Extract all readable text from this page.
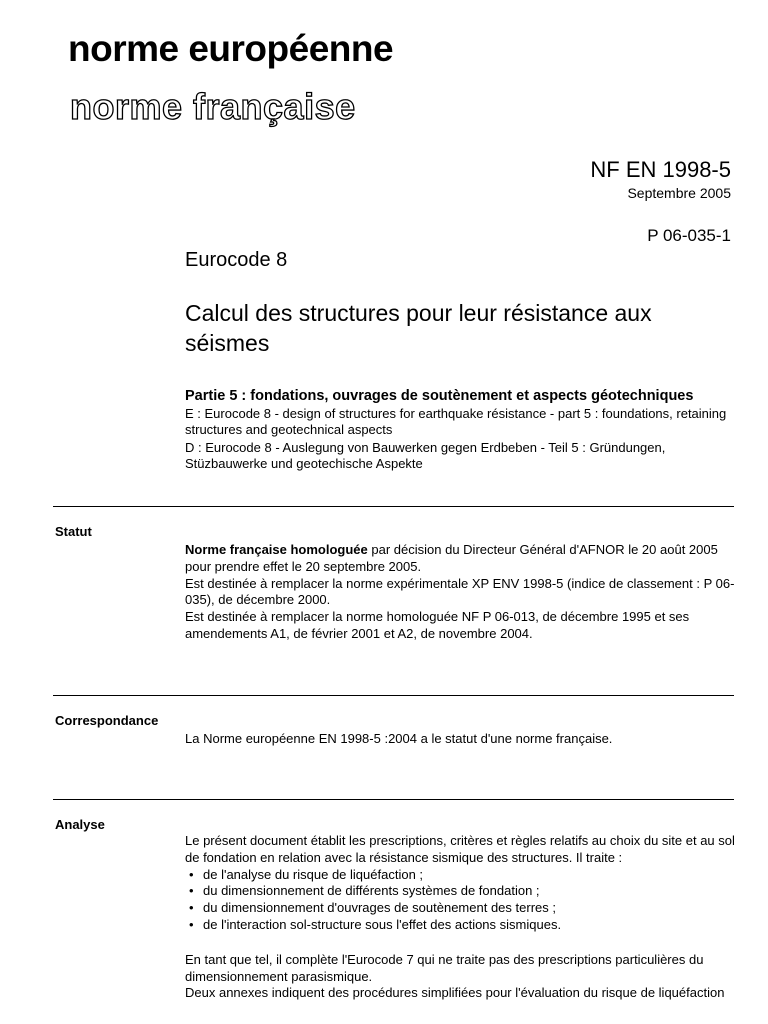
norme européenne
norme française
NF EN 1998-5
Septembre 2005
P 06-035-1
Eurocode 8
Calcul des structures pour leur résistance aux séismes
Partie 5 : fondations, ouvrages de soutènement et aspects géotechniques
E : Eurocode 8 - design of structures for earthquake résistance - part 5 : foundations, retaining structures and geotechnical aspects
D : Eurocode 8 - Auslegung von Bauwerken gegen Erdbeben - Teil 5 : Gründungen, Stüzbauwerke und geotechische Aspekte
Statut

Norme française homologuée par décision du Directeur Général d'AFNOR le 20 août 2005 pour prendre effet le 20 septembre 2005.

Est destinée à remplacer la norme expérimentale XP ENV 1998-5 (indice de classement : P 06-035), de décembre 2000.

Est destinée à remplacer la norme homologuée NF P 06-013, de décembre 1995 et ses amendements A1, de février 2001 et A2, de novembre 2004.

Correspondance
La Norme européenne EN 1998-5 :2004 a le statut d'une norme française.
Analyse

Le présent document établit les prescriptions, critères et règles relatifs au choix du site et au sol de fondation en relation avec la résistance sismique des structures. Il traite :

• de l'analyse du risque de liquéfaction ;
• du dimensionnement de différents systèmes de fondation ;
• du dimensionnement d'ouvrages de soutènement des terres ;
• de l'interaction sol-structure sous l'effet des actions sismiques.

En tant que tel, il complète l'Eurocode 7 qui ne traite pas des prescriptions particulières du dimensionnement parasismique.

Deux annexes indiquent des procédures simplifiées pour l'évaluation du risque de liquéfaction
